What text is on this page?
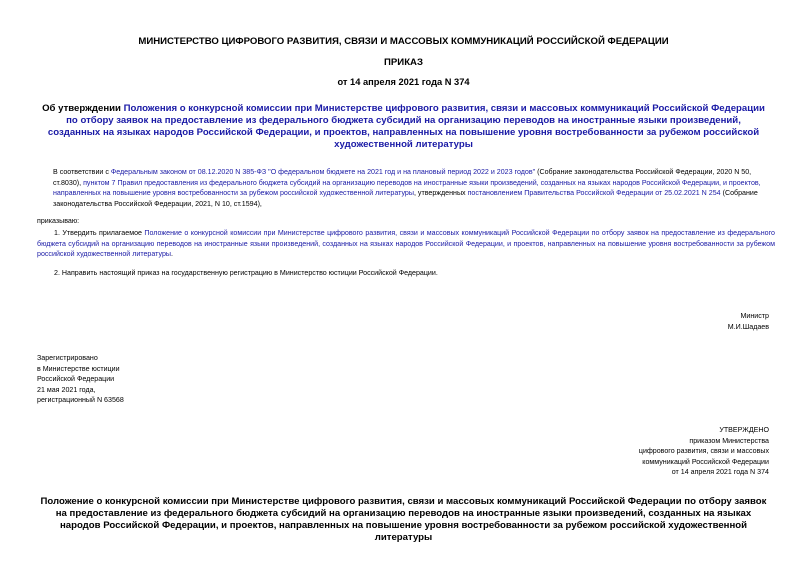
МИНИСТЕРСТВО ЦИФРОВОГО РАЗВИТИЯ, СВЯЗИ И МАССОВЫХ КОММУНИКАЦИЙ РОССИЙСКОЙ ФЕДЕРАЦИИ
ПРИКАЗ
от 14 апреля 2021 года N 374
Об утверждении Положения о конкурсной комиссии при Министерстве цифрового развития, связи и массовых коммуникаций Российской Федерации по отбору заявок на предоставление из федерального бюджета субсидий на организацию переводов на иностранные языки произведений, созданных на языках народов Российской Федерации, и проектов, направленных на повышение уровня востребованности за рубежом российской художественной литературы
В соответствии с Федеральным законом от 08.12.2020 N 385-ФЗ "О федеральном бюджете на 2021 год и на плановый период 2022 и 2023 годов" (Собрание законодательства Российской Федерации, 2020 N 50, ст.8030), пунктом 7 Правил предоставления из федерального бюджета субсидий на организацию переводов на иностранные языки произведений, созданных на языках народов Российской Федерации, и проектов, направленных на повышение уровня востребованности за рубежом российской художественной литературы, утвержденных постановлением Правительства Российской Федерации от 25.02.2021 N 254 (Собрание законодательства Российской Федерации, 2021, N 10, ст.1594),
приказываю:
1. Утвердить прилагаемое Положение о конкурсной комиссии при Министерстве цифрового развития, связи и массовых коммуникаций Российской Федерации по отбору заявок на предоставление из федерального бюджета субсидий на организацию переводов на иностранные языки произведений, созданных на языках народов Российской Федерации, и проектов, направленных на повышение уровня востребованности за рубежом российской художественной литературы.
2. Направить настоящий приказ на государственную регистрацию в Министерство юстиции Российской Федерации.
Министр
М.И.Шадаев
Зарегистрировано
в Министерстве юстиции
Российской Федерации
21 мая 2021 года,
регистрационный N 63568
УТВЕРЖДЕНО
приказом Министерства
цифрового развития, связи и массовых
коммуникаций Российской Федерации
от 14 апреля 2021 года N 374
Положение о конкурсной комиссии при Министерстве цифрового развития, связи и массовых коммуникаций Российской Федерации по отбору заявок на предоставление из федерального бюджета субсидий на организацию переводов на иностранные языки произведений, созданных на языках народов Российской Федерации, и проектов, направленных на повышение уровня востребованности за рубежом российской художественной литературы
